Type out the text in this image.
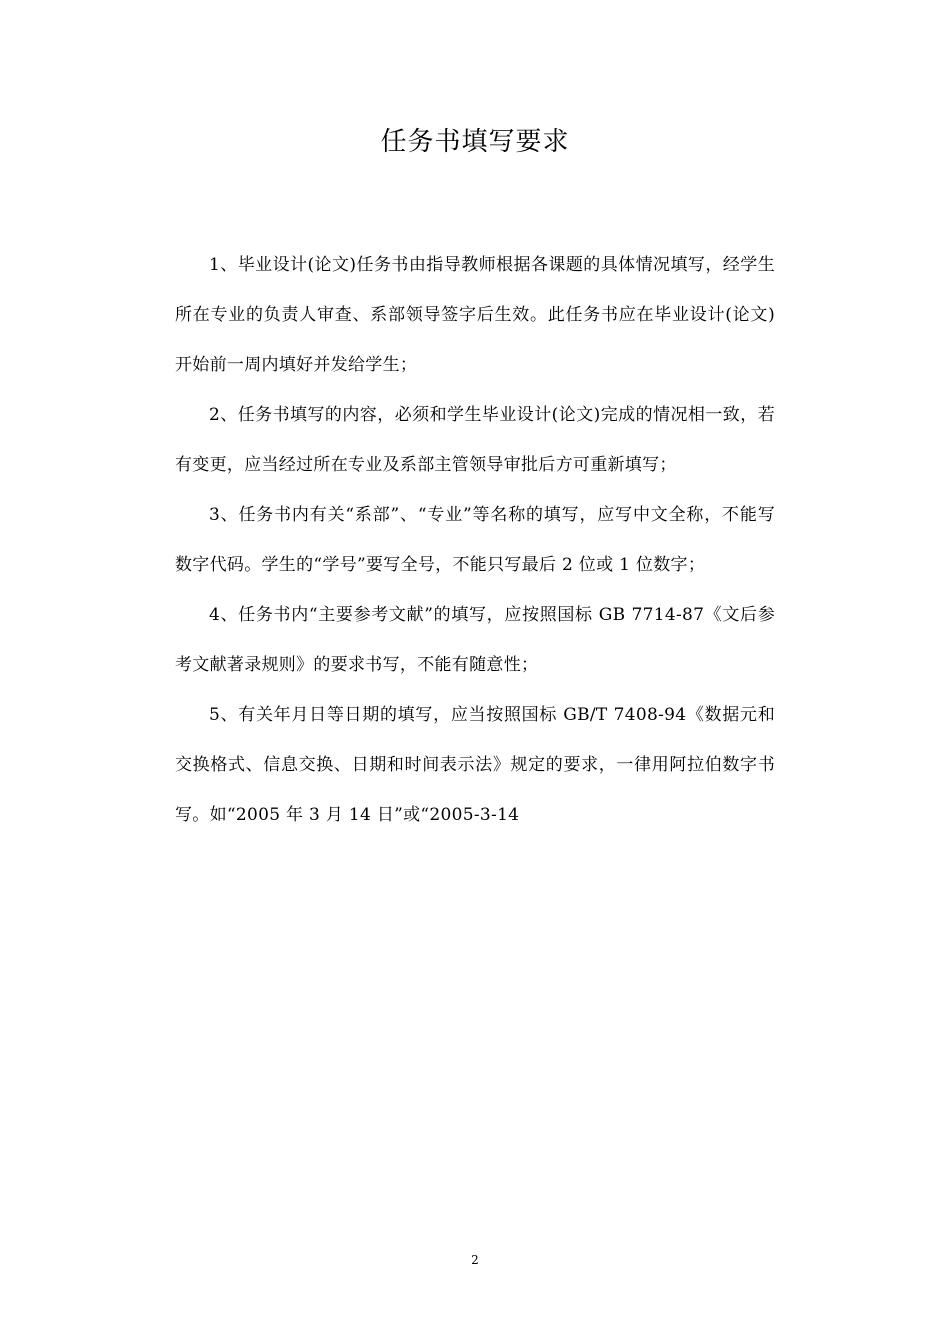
任务书填写要求

1、毕业设计(论文)任务书由指导教师根据各课题的具体情况填写，经学生所在专业的负责人审查、系部领导签字后生效。此任务书应在毕业设计(论文)开始前一周内填好并发给学生；

2、任务书填写的内容，必须和学生毕业设计(论文)完成的情况相一致，若有变更，应当经过所在专业及系部主管领导审批后方可重新填写；

3、任务书内有关“系部”、“专业”等名称的填写，应写中文全称，不能写数字代码。学生的“学号”要写全号，不能只写最后 2 位或 1 位数字；

4、任务书内“主要参考文献”的填写，应按照国标 GB 7714-87《文后参考文献著录规则》的要求书写，不能有随意性；

5、有关年月日等日期的填写，应当按照国标 GB/T 7408-94《数据元和交换格式、信息交换、日期和时间表示法》规定的要求，一律用阿拉伯数字书写。如“2005 年 3 月 14 日”或“2005-3-14

2
